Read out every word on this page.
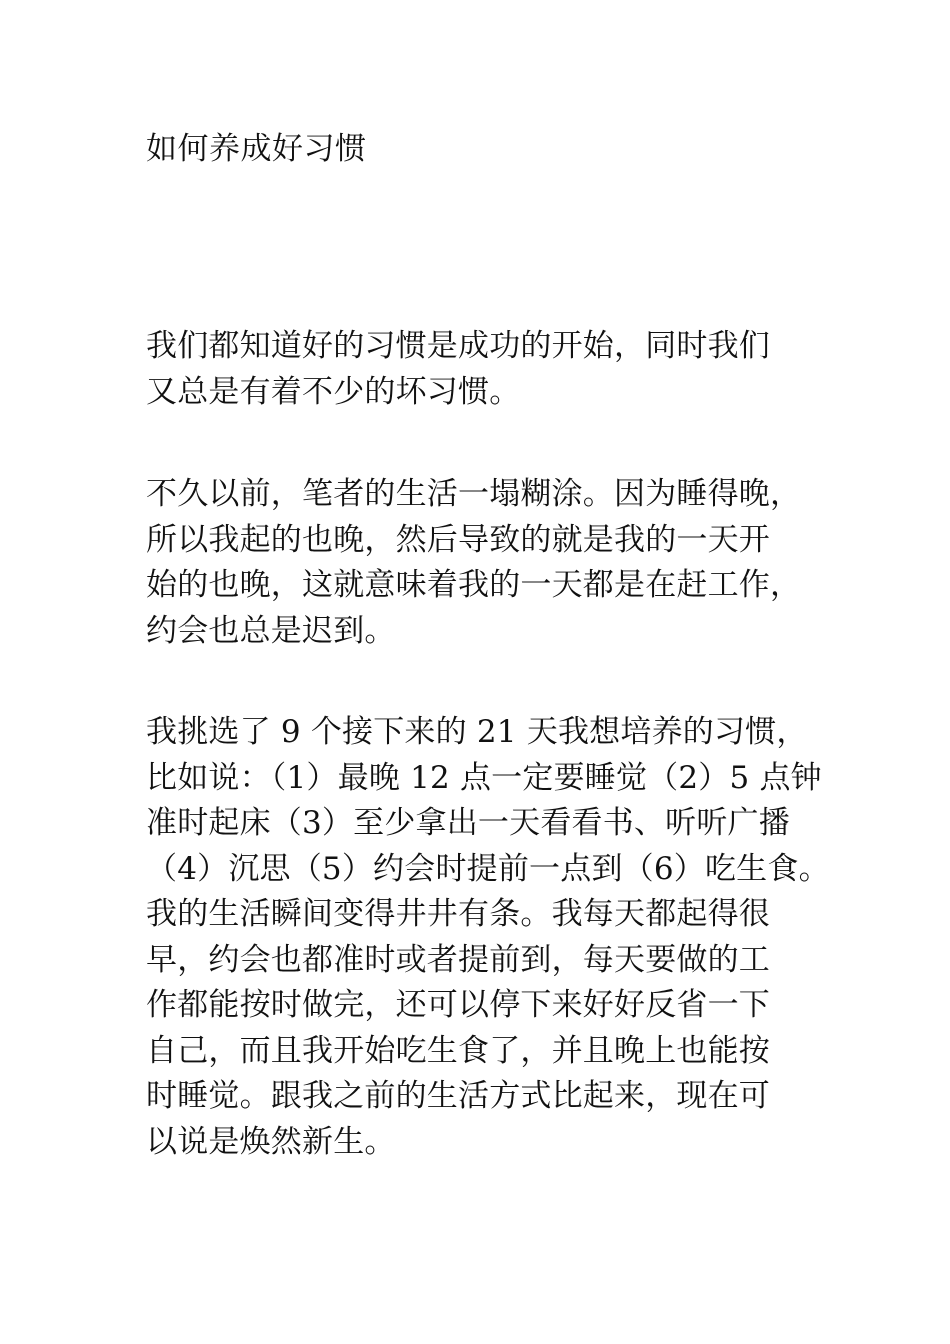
如何养成好习惯

我们都知道好的习惯是成功的开始，同时我们
又总是有着不少的坏习惯。

不久以前，笔者的生活一塌糊涂。因为睡得晚，
所以我起的也晚，然后导致的就是我的一天开
始的也晚，这就意味着我的一天都是在赶工作，
约会也总是迟到。

我挑选了 9 个接下来的 21 天我想培养的习惯，
比如说：（1）最晚 12 点一定要睡觉（2）5 点钟
准时起床（3）至少拿出一天看看书、听听广播
（4）沉思（5）约会时提前一点到（6）吃生食。
我的生活瞬间变得井井有条。我每天都起得很
早，约会也都准时或者提前到，每天要做的工
作都能按时做完，还可以停下来好好反省一下
自己，而且我开始吃生食了，并且晚上也能按
时睡觉。跟我之前的生活方式比起来，现在可
以说是焕然新生。
